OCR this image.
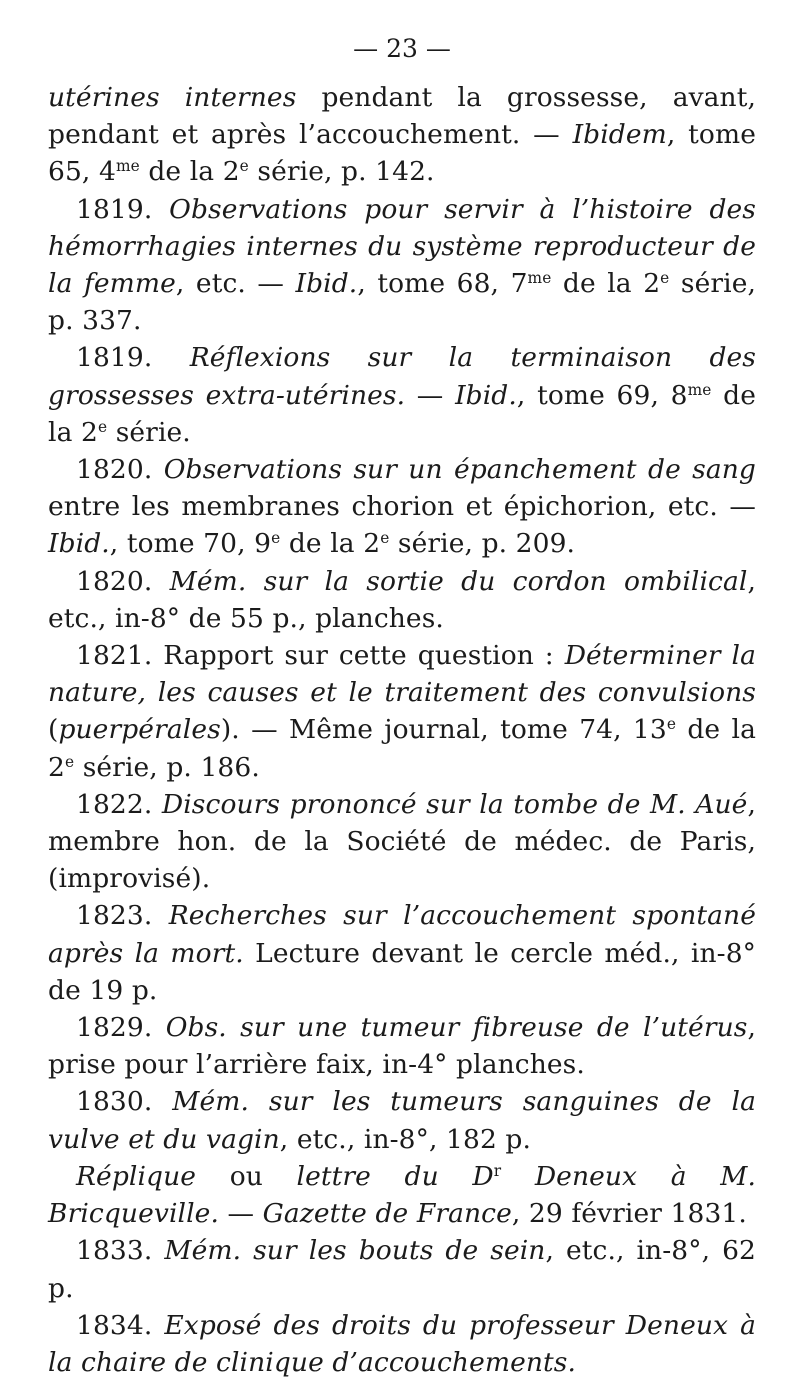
— 23 —

utérines internes pendant la grossesse, avant, pendant et après l’accouchement. — Ibidem, tome 65, $4^{me}$ de la 2e série, p. 142.

1819. Observations pour servir à l’histoire des hémorrhagies internes du système reproducteur de la femme, etc. — Ibid., tome 68, $7^{me}$ de la 2e série, p. 337.

1819. Réflexions sur la terminaison des grossesses extra-utérines. — Ibid., tome 69, $8^{me}$ de la 2e série.

1820. Observations sur un épanchement de sang entre les membranes chorion et épichorion, etc. — Ibid., tome 70, 9e de la 2e série, p. 209.

1820. Mém. sur la sortie du cordon ombilical, etc., in-8° de 55 p., planches.

1821. Rapport sur cette question : Déterminer la nature, les causes et le traitement des convulsions (puerpérales). — Même journal, tome 74, 13e de la 2e série, p. 186.

1822. Discours prononcé sur la tombe de M. Aué, membre hon. de la Société de médec. de Paris, (improvisé).

1823. Recherches sur l’accouchement spontané après la mort. Lecture devant le cercle méd., in-8° de 19 p.

1829. Obs. sur une tumeur fibreuse de l’utérus, prise pour l’arrière faix, in-4° planches.

1830. Mém. sur les tumeurs sanguines de la vulve et du vagin, etc., in-8°, 182 p.

Réplique ou lettre du $D^r$ Deneux à M. Bricqueville. — Gazette de France, 29 février 1831.

1833. Mém. sur les bouts de sein, etc., in-8°, 62 p.

1834. Exposé des droits du professeur Deneux à la chaire de clinique d’accouchements.
